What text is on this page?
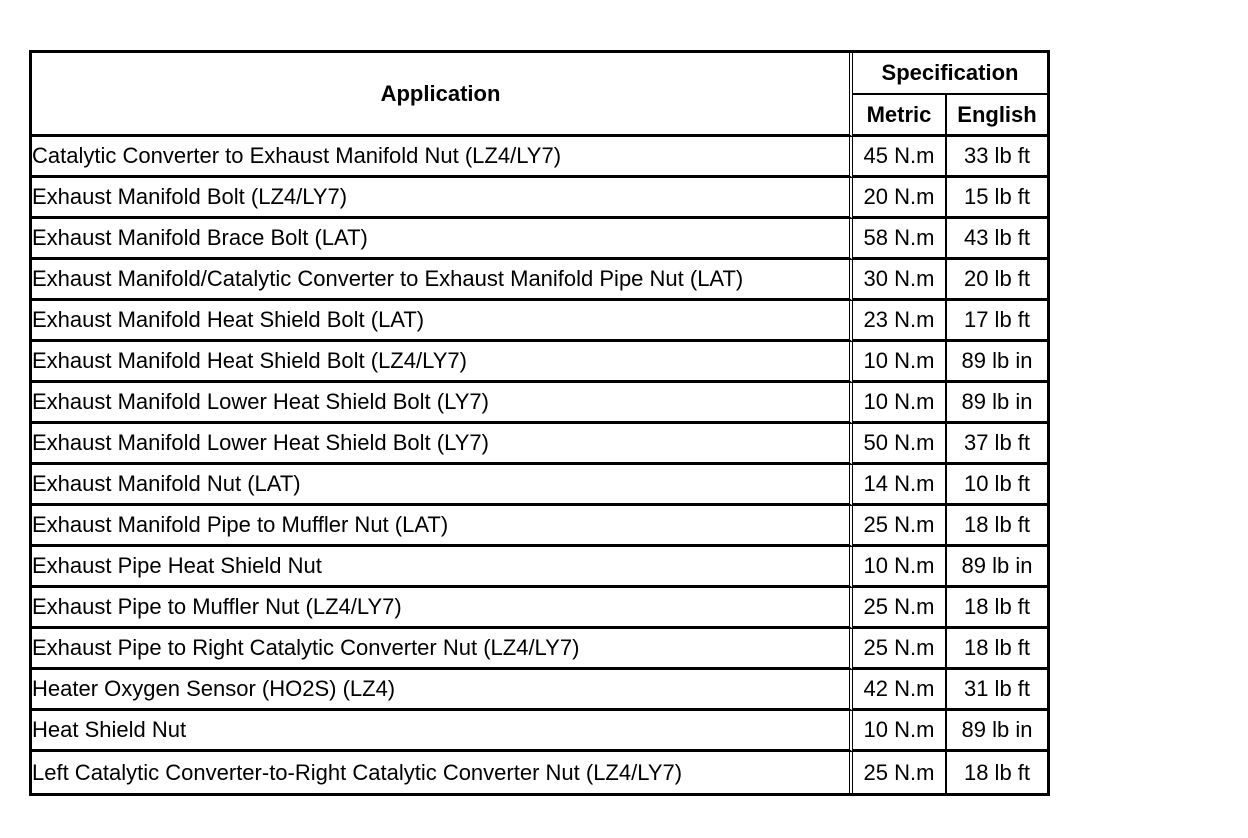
Application	Specification	
	Metric	English
Catalytic Converter to Exhaust Manifold Nut (LZ4/LY7)	45 N.m	33 lb ft
Exhaust Manifold Bolt (LZ4/LY7)	20 N.m	15 lb ft
Exhaust Manifold Brace Bolt (LAT)	58 N.m	43 lb ft
Exhaust Manifold/Catalytic Converter to Exhaust Manifold Pipe Nut (LAT)	30 N.m	20 lb ft
Exhaust Manifold Heat Shield Bolt (LAT)	23 N.m	17 lb ft
Exhaust Manifold Heat Shield Bolt (LZ4/LY7)	10 N.m	89 lb in
Exhaust Manifold Lower Heat Shield Bolt (LY7)	10 N.m	89 lb in
Exhaust Manifold Lower Heat Shield Bolt (LY7)	50 N.m	37 lb ft
Exhaust Manifold Nut (LAT)	14 N.m	10 lb ft
Exhaust Manifold Pipe to Muffler Nut (LAT)	25 N.m	18 lb ft
Exhaust Pipe Heat Shield Nut	10 N.m	89 lb in
Exhaust Pipe to Muffler Nut (LZ4/LY7)	25 N.m	18 lb ft
Exhaust Pipe to Right Catalytic Converter Nut (LZ4/LY7)	25 N.m	18 lb ft
Heater Oxygen Sensor (HO2S) (LZ4)	42 N.m	31 lb ft
Heat Shield Nut	10 N.m	89 lb in
Left Catalytic Converter-to-Right Catalytic Converter Nut (LZ4/LY7)	25 N.m	18 lb ft
